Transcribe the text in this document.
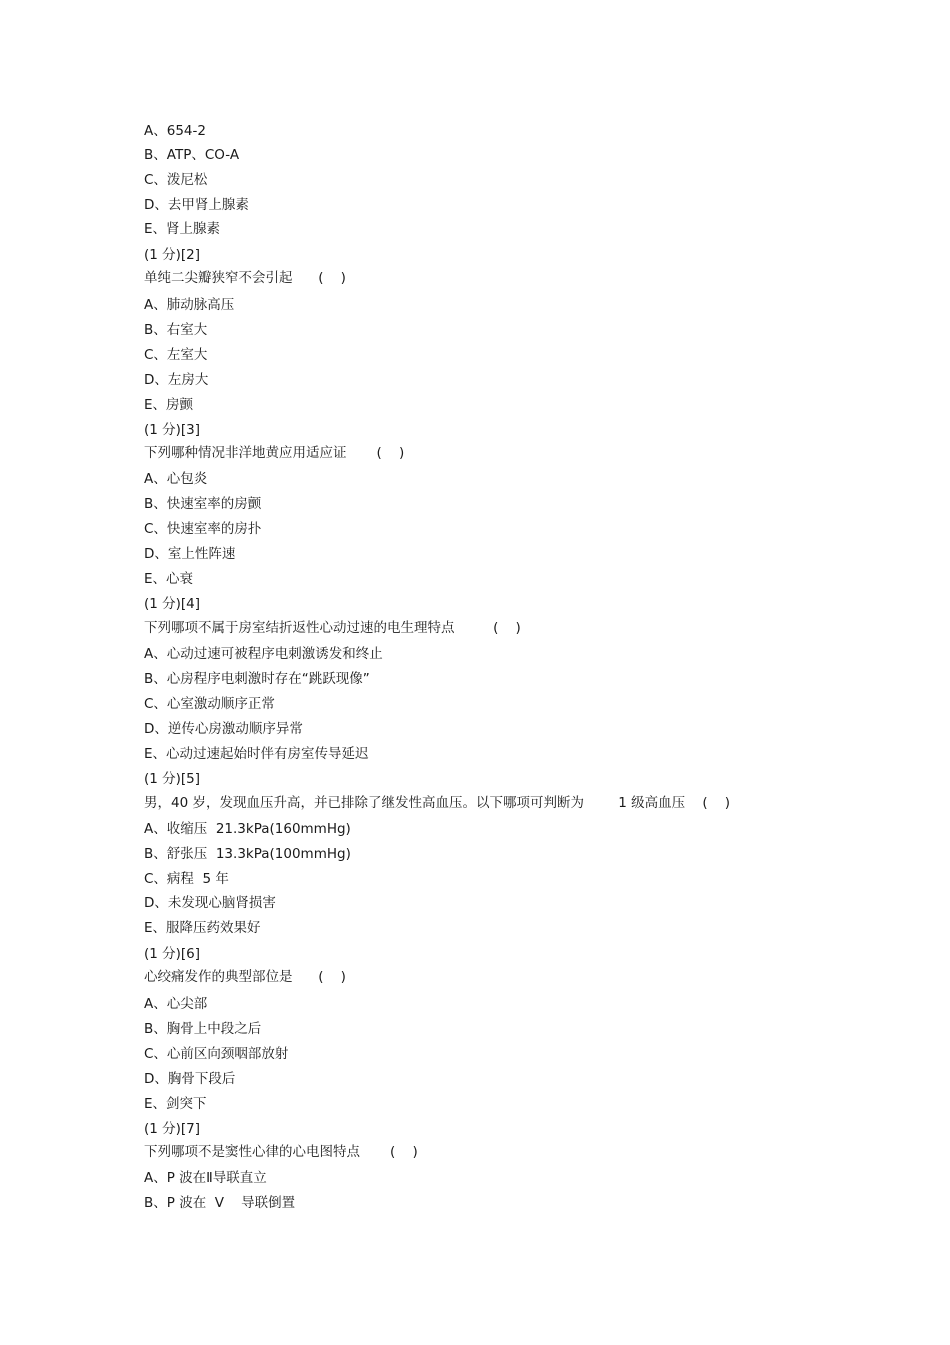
A、654-2
B、ATP、CO-A
C、泼尼松
D、去甲肾上腺素
E、肾上腺素
(1 分)[2]
单纯二尖瓣狭窄不会引起      (    )
A、肺动脉高压
B、右室大
C、左室大
D、左房大
E、房颤
(1 分)[3]
下列哪种情况非洋地黄应用适应证       (    )
A、心包炎
B、快速室率的房颤
C、快速室率的房扑
D、室上性阵速
E、心衰
(1 分)[4]
下列哪项不属于房室结折返性心动过速的电生理特点         (    )
A、心动过速可被程序电刺激诱发和终止
B、心房程序电刺激时存在“跳跃现像”
C、心室激动顺序正常
D、逆传心房激动顺序异常
E、心动过速起始时伴有房室传导延迟
(1 分)[5]
男，40 岁，发现血压升高，并已排除了继发性高血压。以下哪项可判断为        1 级高血压    (    )
A、收缩压  21.3kPa(160mmHg)
B、舒张压  13.3kPa(100mmHg)
C、病程  5 年
D、未发现心脑肾损害
E、服降压药效果好
(1 分)[6]
心绞痛发作的典型部位是      (    )
A、心尖部
B、胸骨上中段之后
C、心前区向颈咽部放射
D、胸骨下段后
E、剑突下
(1 分)[7]
下列哪项不是窦性心律的心电图特点       (    )
A、P 波在Ⅱ导联直立
B、P 波在  V    导联倒置
